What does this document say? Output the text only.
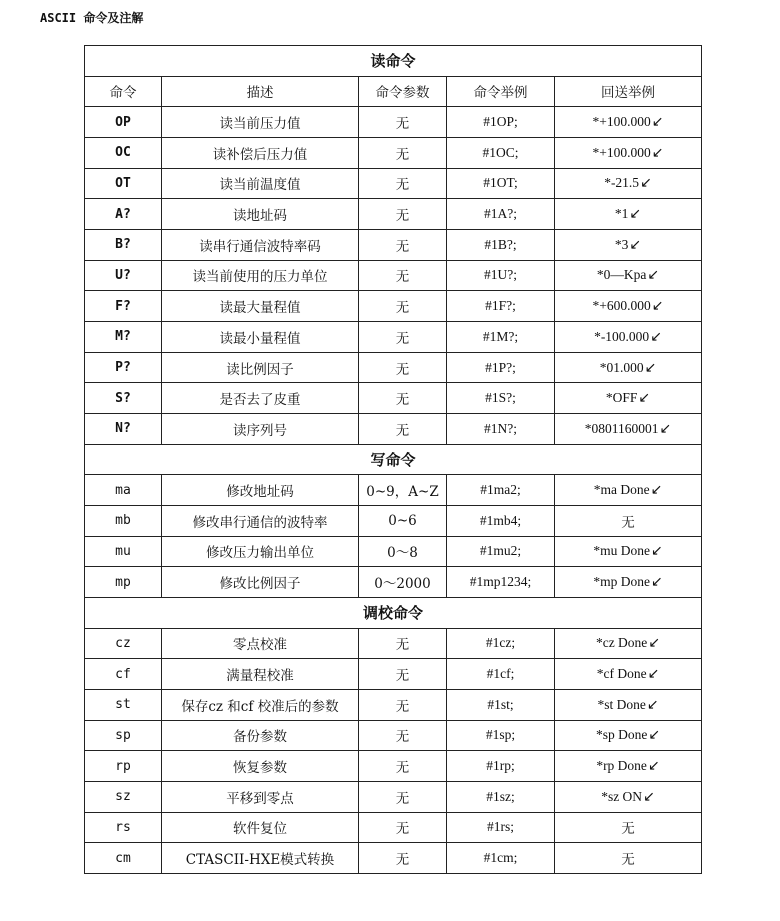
ASCII 命令及注解
读命令				
命令	描述	命令参数	命令举例	回送举例
OP	读当前压力值	无	#1OP;	*+100.000↙
OC	读补偿后压力值	无	#1OC;	*+100.000↙
OT	读当前温度值	无	#1OT;	*-21.5↙
A?	读地址码	无	#1A?;	*1↙
B?	读串行通信波特率码	无	#1B?;	*3↙
U?	读当前使用的压力单位	无	#1U?;	*0—Kpa↙
F?	读最大量程值	无	#1F?;	*+600.000↙
M?	读最小量程值	无	#1M?;	*-100.000↙
P?	读比例因子	无	#1P?;	*01.000↙
S?	是否去了皮重	无	#1S?;	*OFF↙
N?	读序列号	无	#1N?;	*0801160001↙
写命令				
ma	修改地址码	0~9，A~Z	#1ma2;	*ma Done↙
mb	修改串行通信的波特率	0~6	#1mb4;	无
mu	修改压力输出单位	0～8	#1mu2;	*mu Done↙
mp	修改比例因子	0～2000	#1mp1234;	*mp Done↙
调校命令				
cz	零点校准	无	#1cz;	*cz Done↙
cf	满量程校准	无	#1cf;	*cf Done↙
st	保存cz 和cf 校准后的参数	无	#1st;	*st Done↙
sp	备份参数	无	#1sp;	*sp Done↙
rp	恢复参数	无	#1rp;	*rp Done↙
sz	平移到零点	无	#1sz;	*sz ON↙
rs	软件复位	无	#1rs;	无
cm	CTASCII-HXE模式转换	无	#1cm;	无
